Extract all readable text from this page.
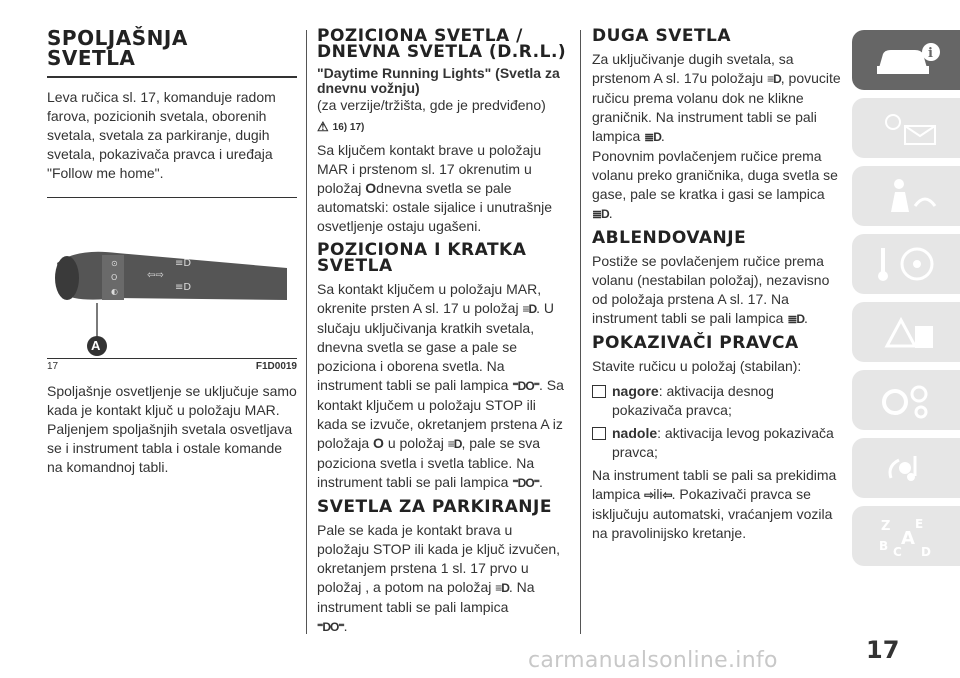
SPOLJAŠNJA
SVETLA

Leva ručica sl. 17, komanduje radom farova, pozicionih svetala, oborenih svetala, svetala za parkiranje, dugih svetala, pokazivača pravca i uređaja "Follow me home".

⊙
O
◐
⇦⇨
≡D
≡D
A
17	F1D0019

Spoljašnje osvetljenje se uključuje samo kada je kontakt ključ u položaju MAR. Paljenjem spoljašnjih svetala osvetljava se i instrument tabla i ostale komande na komandnoj tabli.

POZICIONA SVETLA / DNEVNA SVETLA (D.R.L.)

"Daytime Running Lights" (Svetla za dnevnu vožnju)

(za verzije/tržišta, gde je predviđeno)

⚠ 16) 17)

Sa ključem kontakt brave u položaju MAR i prstenom sl. 17 okrenutim u položaj Odnevna svetla se pale automatski: ostale sijalice i unutrašnje osvetljenje ostaju ugašeni.

POZICIONA I KRATKA SVETLA

Sa kontakt ključem u položaju MAR, okrenite prsten A sl. 17 u položaj ≡D. U slučaju uključivanja kratkih svetala, dnevna svetla se gase a pale se poziciona i oborena svetla. Na instrument tabli se pali lampica ⁼DO⁼. Sa kontakt ključem u položaju STOP ili kada se izvuče, okretanjem prstena A iz položaja O u položaj ≡D, pale se sva poziciona svetla i svetla tablice. Na instrument tabli se pali lampica ⁼DO⁼.

SVETLA ZA PARKIRANJE

Pale se kada je kontakt brava u položaju STOP ili kada je ključ izvučen, okretanjem prstena 1 sl. 17 prvo u položaj , a potom na položaj ≡D. Na instrument tabli se pali lampica
⁼DO⁼.

DUGA SVETLA

Za uključivanje dugih svetala, sa prstenom A sl. 17u položaju ≡D, povucite ručicu prema volanu dok ne klikne graničnik. Na instrument tabli se pali lampica ≣D.
Ponovnim povlačenjem ručice prema volanu preko graničnika, duga svetla se gase, pale se kratka i gasi se lampica
≣D.

ABLENDOVANJE

Postiže se povlačenjem ručice prema volanu (nestabilan položaj), nezavisno od položaja prstena A sl. 17. Na instrument tabli se pali lampica ≣D.

POKAZIVAČI PRAVCA

Stavite ručicu u položaj (stabilan):

nagore: aktivacija desnog pokazivača pravca;
nadole: aktivacija levog pokazivača pravca;

Na instrument tabli se pali sa prekidima lampica ⇨ili⇦. Pokazivači pravca se isključuju automatski, vraćanjem vozila na pravolinijsko kretanje.

i
Z E
A
B C D
17
carmanualsonline.info
